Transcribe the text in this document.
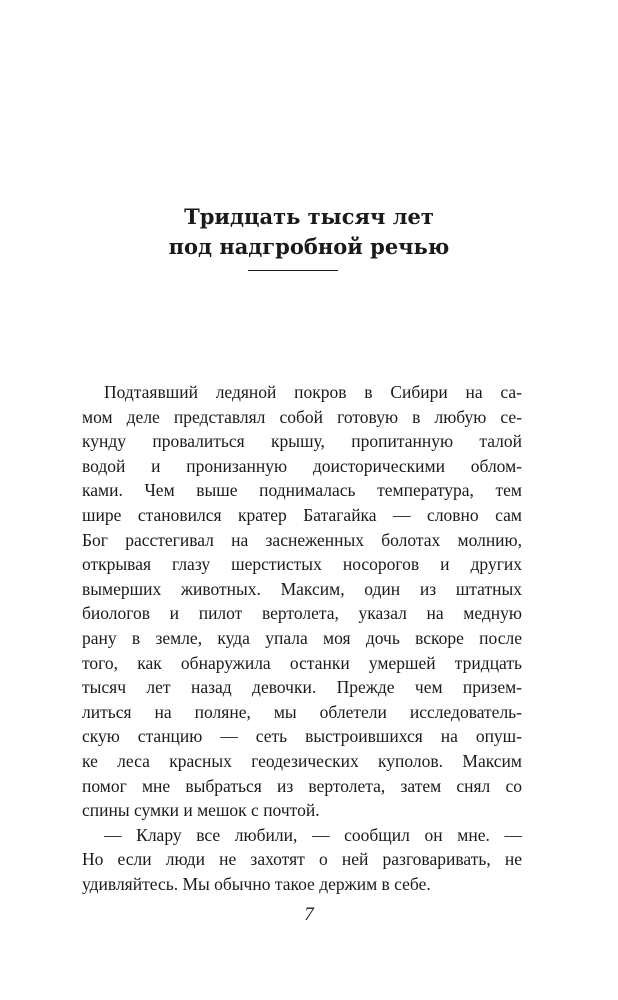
Тридцать тысяч лет
под надгробной речью
Подтаявший ледяной покров в Сибири на са-
мом деле представлял собой готовую в любую се-
кунду провалиться крышу, пропитанную талой
водой и пронизанную доисторическими облом-
ками. Чем выше поднималась температура, тем
шире становился кратер Батагайка — словно сам
Бог расстегивал на заснеженных болотах молнию,
открывая глазу шерстистых носорогов и других
вымерших животных. Максим, один из штатных
биологов и пилот вертолета, указал на медную
рану в земле, куда упала моя дочь вскоре после
того, как обнаружила останки умершей тридцать
тысяч лет назад девочки. Прежде чем призем-
литься на поляне, мы облетели исследователь-
скую станцию — сеть выстроившихся на опуш-
ке леса красных геодезических куполов. Максим
помог мне выбраться из вертолета, затем снял со
спины сумки и мешок с почтой.
— Клару все любили, — сообщил он мне. —
Но если люди не захотят о ней разговаривать, не
удивляйтесь. Мы обычно такое держим в себе.
7
